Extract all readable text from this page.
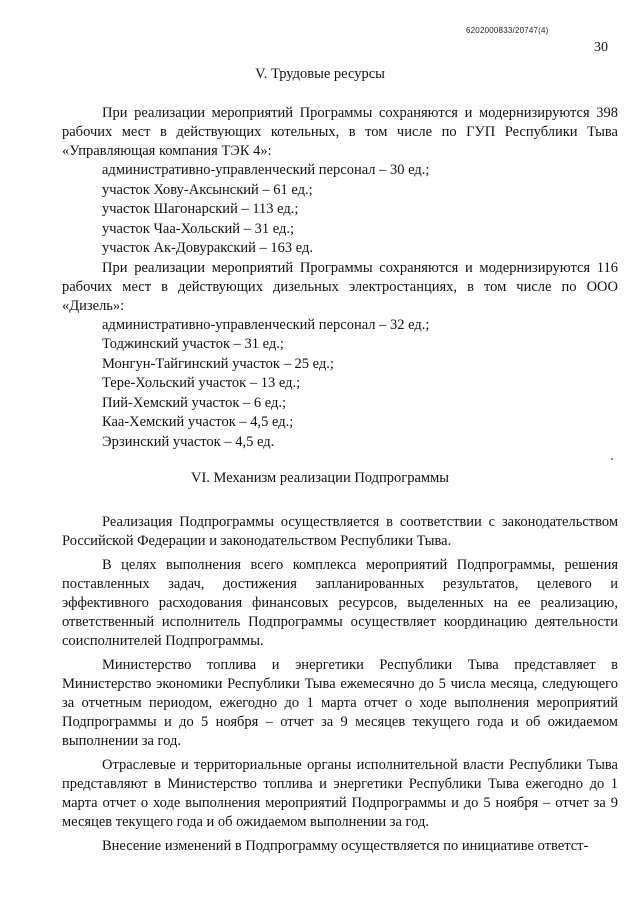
6202000833/20747(4)
30
V. Трудовые ресурсы

При реализации мероприятий Программы сохраняются и модернизируются 398 рабочих мест в действующих котельных, в том числе по ГУП Республики Тыва «Управляющая компания ТЭК 4»:

административно-управленческий персонал – 30 ед.;
участок Хову-Аксынский – 61 ед.;
участок Шагонарский – 113 ед.;
участок Чаа-Хольский – 31 ед.;
участок Ак-Довуракский – 163 ед.

При реализации мероприятий Программы сохраняются и модернизируются 116 рабочих мест в действующих дизельных электростанциях, в том числе по ООО «Дизель»:

административно-управленческий персонал – 32 ед.;
Тоджинский участок – 31 ед.;
Монгун-Тайгинский участок – 25 ед.;
Тере-Хольский участок – 13 ед.;
Пий-Хемский участок – 6 ед.;
Каа-Хемский участок – 4,5 ед.;
Эрзинский участок – 4,5 ед.
VI. Механизм реализации Подпрограммы

Реализация Подпрограммы осуществляется в соответствии с законодательством Российской Федерации и законодательством Республики Тыва.

В целях выполнения всего комплекса мероприятий Подпрограммы, решения поставленных задач, достижения запланированных результатов, целевого и эффективного расходования финансовых ресурсов, выделенных на ее реализацию, ответственный исполнитель Подпрограммы осуществляет координацию деятельности соисполнителей Подпрограммы.

Министерство топлива и энергетики Республики Тыва представляет в Министерство экономики Республики Тыва ежемесячно до 5 числа месяца, следующего за отчетным периодом, ежегодно до 1 марта отчет о ходе выполнения мероприятий Подпрограммы и до 5 ноября – отчет за 9 месяцев текущего года и об ожидаемом выполнении за год.

Отраслевые и территориальные органы исполнительной власти Республики Тыва представляют в Министерство топлива и энергетики Республики Тыва ежегодно до 1 марта отчет о ходе выполнения мероприятий Подпрограммы и до 5 ноября – отчет за 9 месяцев текущего года и об ожидаемом выполнении за год.

Внесение изменений в Подпрограмму осуществляется по инициативе ответст-
